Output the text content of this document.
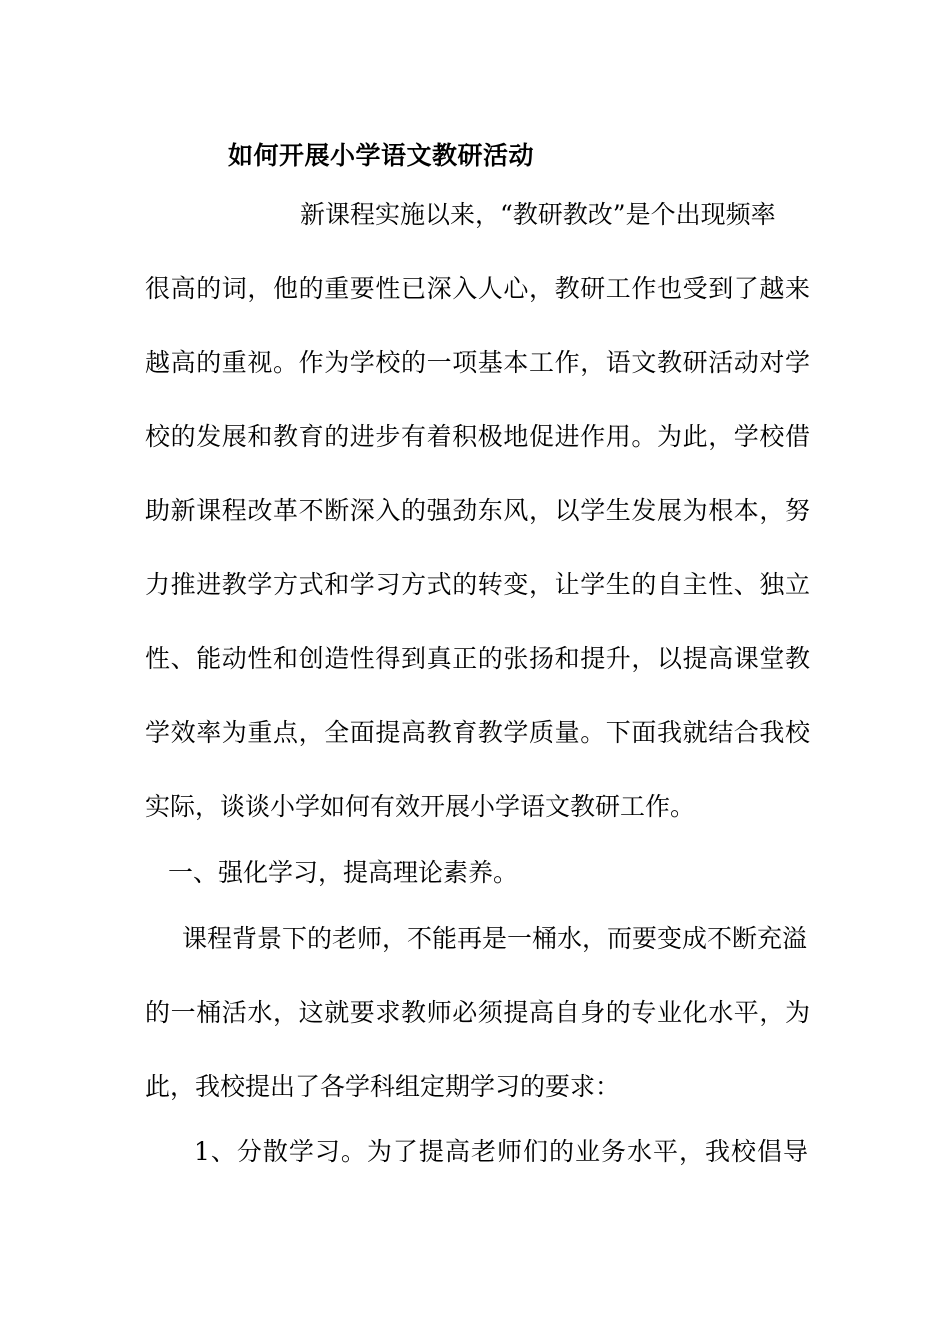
如何开展小学语文教研活动
新课程实施以来，“教研教改”是个出现频率
很高的词，他的重要性已深入人心，教研工作也受到了越来
越高的重视。作为学校的一项基本工作，语文教研活动对学
校的发展和教育的进步有着积极地促进作用。为此，学校借
助新课程改革不断深入的强劲东风，以学生发展为根本，努
力推进教学方式和学习方式的转变，让学生的自主性、独立
性、能动性和创造性得到真正的张扬和提升，以提高课堂教
学效率为重点，全面提高教育教学质量。下面我就结合我校
实际，谈谈小学如何有效开展小学语文教研工作。
一、强化学习，提高理论素养。
课程背景下的老师，不能再是一桶水，而要变成不断充溢
的一桶活水，这就要求教师必须提高自身的专业化水平，为
此，我校提出了各学科组定期学习的要求：
1、分散学习。为了提高老师们的业务水平，我校倡导
